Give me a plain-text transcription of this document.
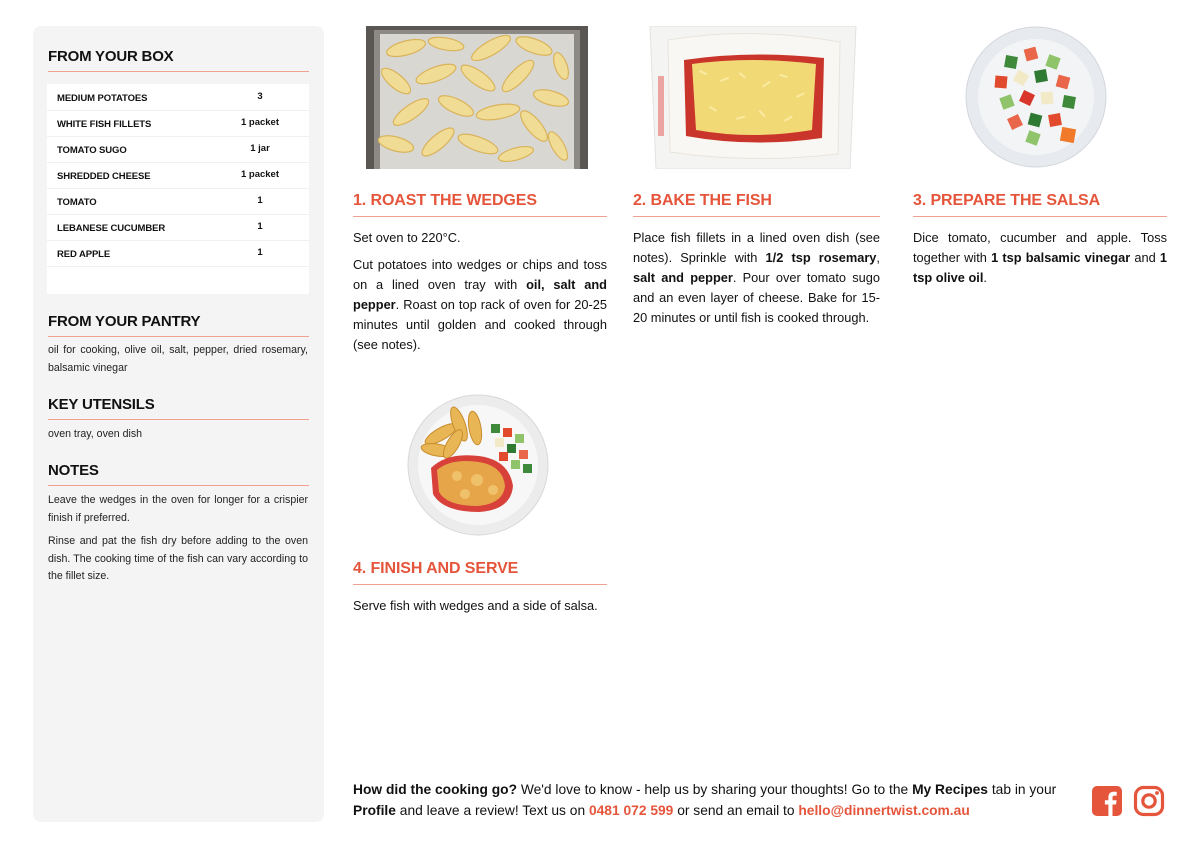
FROM YOUR BOX
MEDIUM POTATOES	3
WHITE FISH FILLETS	1 packet
TOMATO SUGO	1 jar
SHREDDED CHEESE	1 packet
TOMATO	1
LEBANESE CUCUMBER	1
RED APPLE	1
FROM YOUR PANTRY

oil for cooking, olive oil, salt, pepper, dried rosemary, balsamic vinegar

KEY UTENSILS

oven tray, oven dish

NOTES

Leave the wedges in the oven for longer for a crispier finish if preferred.

Rinse and pat the fish dry before adding to the oven dish. The cooking time of the fish can vary according to the fillet size.

1. ROAST THE WEDGES

Set oven to 220°C.

Cut potatoes into wedges or chips and toss on a lined oven tray with oil, salt and pepper. Roast on top rack of oven for 20-25 minutes until golden and cooked through (see notes).

2. BAKE THE FISH

Place fish fillets in a lined oven dish (see notes). Sprinkle with 1/2 tsp rosemary, salt and pepper. Pour over tomato sugo and an even layer of cheese. Bake for 15-20 minutes or until fish is cooked through.

3. PREPARE THE SALSA

Dice tomato, cucumber and apple. Toss together with 1 tsp balsamic vinegar and 1 tsp olive oil.

4. FINISH AND SERVE

Serve fish with wedges and a side of salsa.

How did the cooking go? We'd love to know - help us by sharing your thoughts! Go to the My Recipes tab in your Profile and leave a review! Text us on 0481 072 599 or send an email to hello@dinnertwist.com.au
